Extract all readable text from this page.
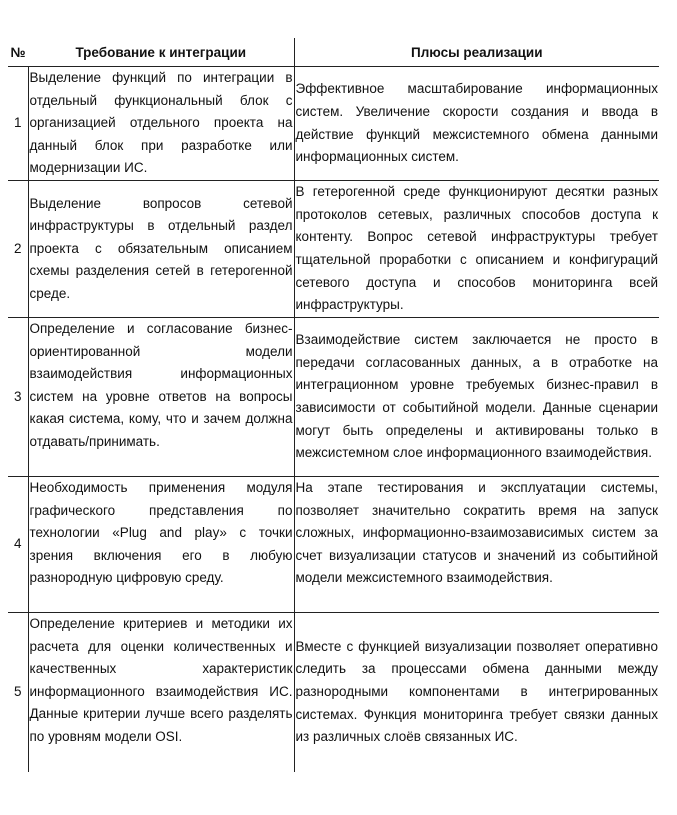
№	Требование к интеграции	Плюсы реализации
1	Выделение функций по интеграции в отдельный функциональный блок с организацией отдельного проекта на данный блок при разработке или модернизации ИС.	Эффективное масштабирование информационных систем. Увеличение скорости создания и ввода в действие функций межсистемного обмена данными информационных систем.
2	Выделение вопросов сетевой инфраструктуры в отдельный раздел проекта с обязательным описанием схемы разделения сетей в гетерогенной среде.	В гетерогенной среде функционируют десятки разных протоколов сетевых, различных способов доступа к контенту. Вопрос сетевой инфраструктуры требует тщательной проработки с описанием и конфигураций сетевого доступа и способов мониторинга всей инфраструктуры.
3	Определение и согласование бизнес-ориентированной модели взаимодействия информационных систем на уровне ответов на вопросы какая система, кому, что и зачем должна отдавать/принимать.	Взаимодействие систем заключается не просто в передачи согласованных данных, а в отработке на интеграционном уровне требуемых бизнес-правил в зависимости от событийной модели. Данные сценарии могут быть определены и активированы только в межсистемном слое информационного взаимодействия.
4	Необходимость применения модуля графического представления по технологии «Plug and play» с точки зрения включения его в любую разнородную цифровую среду.	На этапе тестирования и эксплуатации системы, позволяет значительно сократить время на запуск сложных, информационно-взаимозависимых систем за счет визуализации статусов и значений из событийной модели межсистемного взаимодействия.
5	Определение критериев и методики их расчета для оценки количественных и качественных характеристик информационного взаимодействия ИС. Данные критерии лучше всего разделять по уровням модели OSI.	Вместе с функцией визуализации позволяет оперативно следить за процессами обмена данными между разнородными компонентами в интегрированных системах. Функция мониторинга требует связки данных из различных слоёв связанных ИС.
